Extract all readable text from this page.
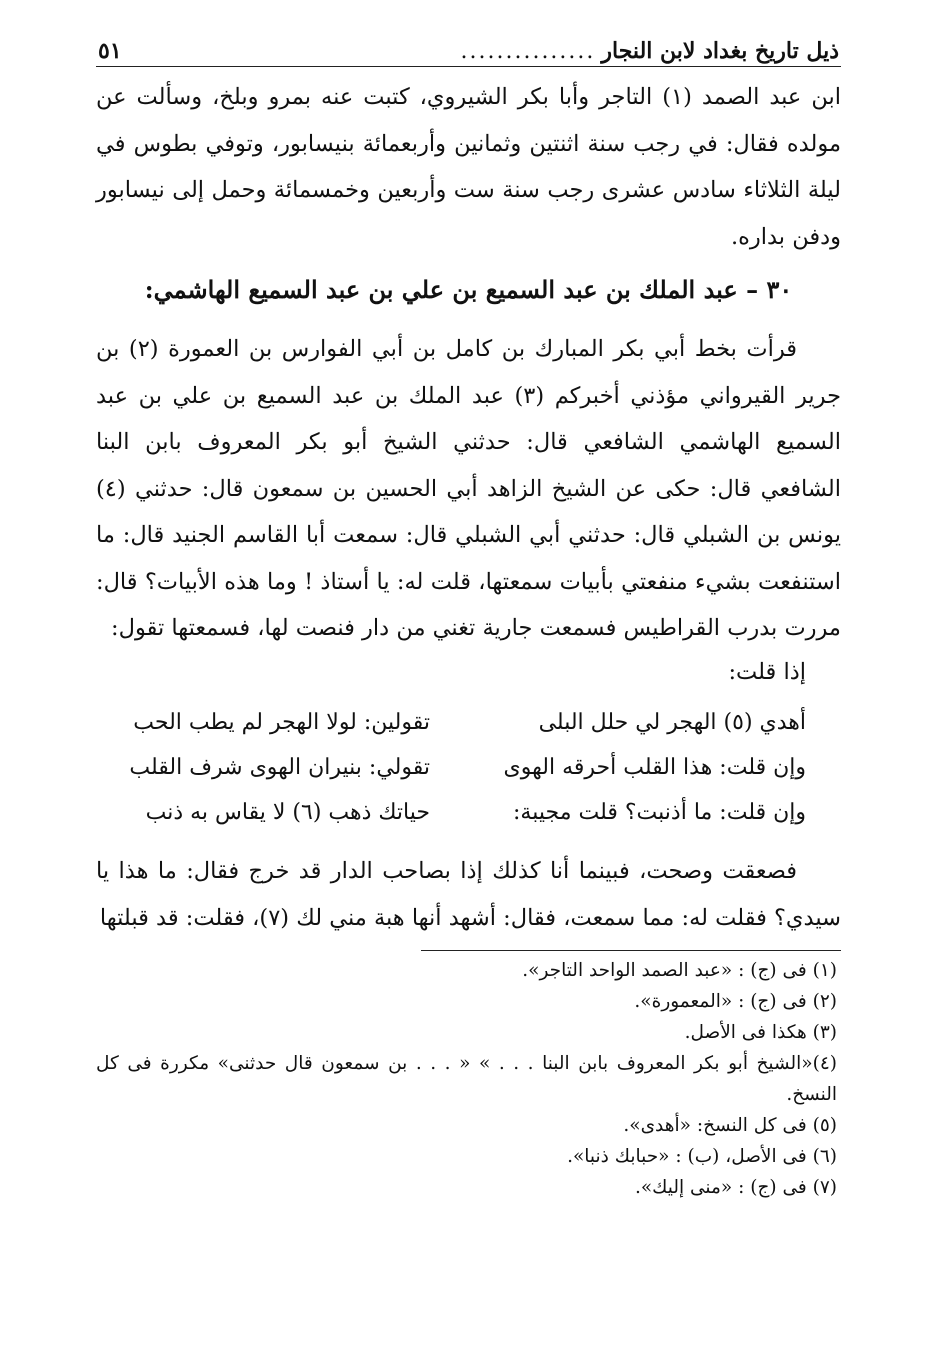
ذيل تاريخ بغداد لابن النجار
...............
٥١

ابن عبد الصمد (١) التاجر وأبا بكر الشيروي، كتبت عنه بمرو وبلخ، وسألت عن مولده فقال: في رجب سنة اثنتين وثمانين وأربعمائة بنيسابور، وتوفي بطوس في ليلة الثلاثاء سادس عشرى رجب سنة ست وأربعين وخمسمائة وحمل إلى نيسابور ودفن بداره.

٣٠ – عبد الملك بن عبد السميع بن علي بن عبد السميع الهاشمي:

قرأت بخط أبي بكر المبارك بن كامل بن أبي الفوارس بن العمورة (٢) بن جرير القيرواني مؤذني أخبركم (٣) عبد الملك بن عبد السميع بن علي بن عبد السميع الهاشمي الشافعي قال: حدثني الشيخ أبو بكر المعروف بابن البنا الشافعي قال: حكى عن الشيخ الزاهد أبي الحسين بن سمعون قال: حدثني (٤) يونس بن الشبلي قال: حدثني أبي الشبلي قال: سمعت أبا القاسم الجنيد قال: ما استنفعت بشيء منفعتي بأبيات سمعتها، قلت له: يا أستاذ ! وما هذه الأبيات؟ قال: مررت بدرب القراطيس فسمعت جارية تغني من دار فنصت لها، فسمعتها تقول:

إذا قلت:
أهدي (٥) الهجر لي حلل البلى
تقولين: لولا الهجر لم يطب الحب
وإن قلت: هذا القلب أحرقه الهوى
تقولي: بنيران الهوى شرف القلب
وإن قلت: ما أذنبت؟ قلت مجيبة:
حياتك ذهب (٦) لا يقاس به ذنب

فصعقت وصحت، فبينما أنا كذلك إذا بصاحب الدار قد خرج فقال: ما هذا يا سيدي؟ فقلت له: مما سمعت، فقال: أشهد أنها هبة مني لك (٧)، فقلت: قد قبلتها

(١) فى (ج) : «عبد الصمد الواحد التاجر».
(٢) فى (ج) : «المعمورة».
(٣) هكذا فى الأصل.
(٤)«الشيخ أبو بكر المعروف بابن البنا . . . » « . . . بن سمعون قال حدثنى» مكررة فى كل النسخ.
(٥) فى كل النسخ: «أهدى».
(٦) فى الأصل، (ب) : «حبابك ذنبا».
(٧) فى (ج) : «منى إليك».
